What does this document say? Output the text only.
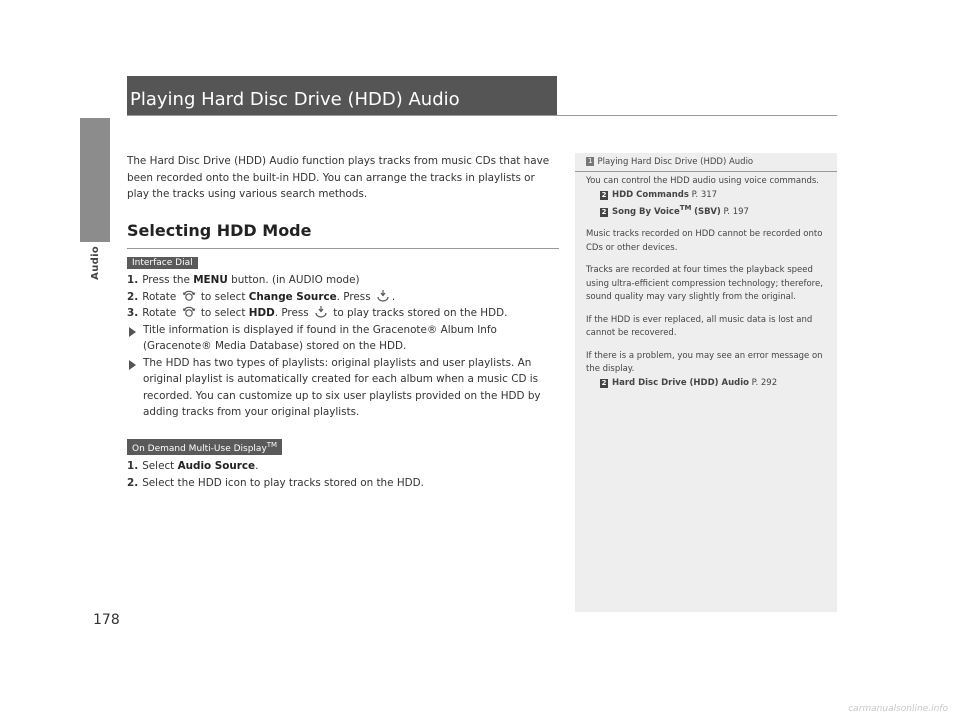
Audio
178
Playing Hard Disc Drive (HDD) Audio

The Hard Disc Drive (HDD) Audio function plays tracks from music CDs that have been recorded onto the built-in HDD. You can arrange the tracks in playlists or play the tracks using various search methods.

Selecting HDD Mode
Interface Dial
1. Press the MENU button. (in AUDIO mode)
2. Rotate to select Change Source. Press .
3. Rotate to select HDD. Press to play tracks stored on the HDD.
Title information is displayed if found in the Gracenote® Album Info (Gracenote® Media Database) stored on the HDD.
The HDD has two types of playlists: original playlists and user playlists. An original playlist is automatically created for each album when a music CD is recorded. You can customize up to six user playlists provided on the HDD by adding tracks from your original playlists.
On Demand Multi-Use Display™
1. Select Audio Source.
2. Select the HDD icon to play tracks stored on the HDD.
1 Playing Hard Disc Drive (HDD) Audio

You can control the HDD audio using voice commands.
2 HDD Commands P. 317
2 Song By Voice™ (SBV) P. 197

Music tracks recorded on HDD cannot be recorded onto CDs or other devices.

Tracks are recorded at four times the playback speed using ultra-efficient compression technology; therefore, sound quality may vary slightly from the original.

If the HDD is ever replaced, all music data is lost and cannot be recovered.

If there is a problem, you may see an error message on the display.
2 Hard Disc Drive (HDD) Audio P. 292

carmanualsonline.info
